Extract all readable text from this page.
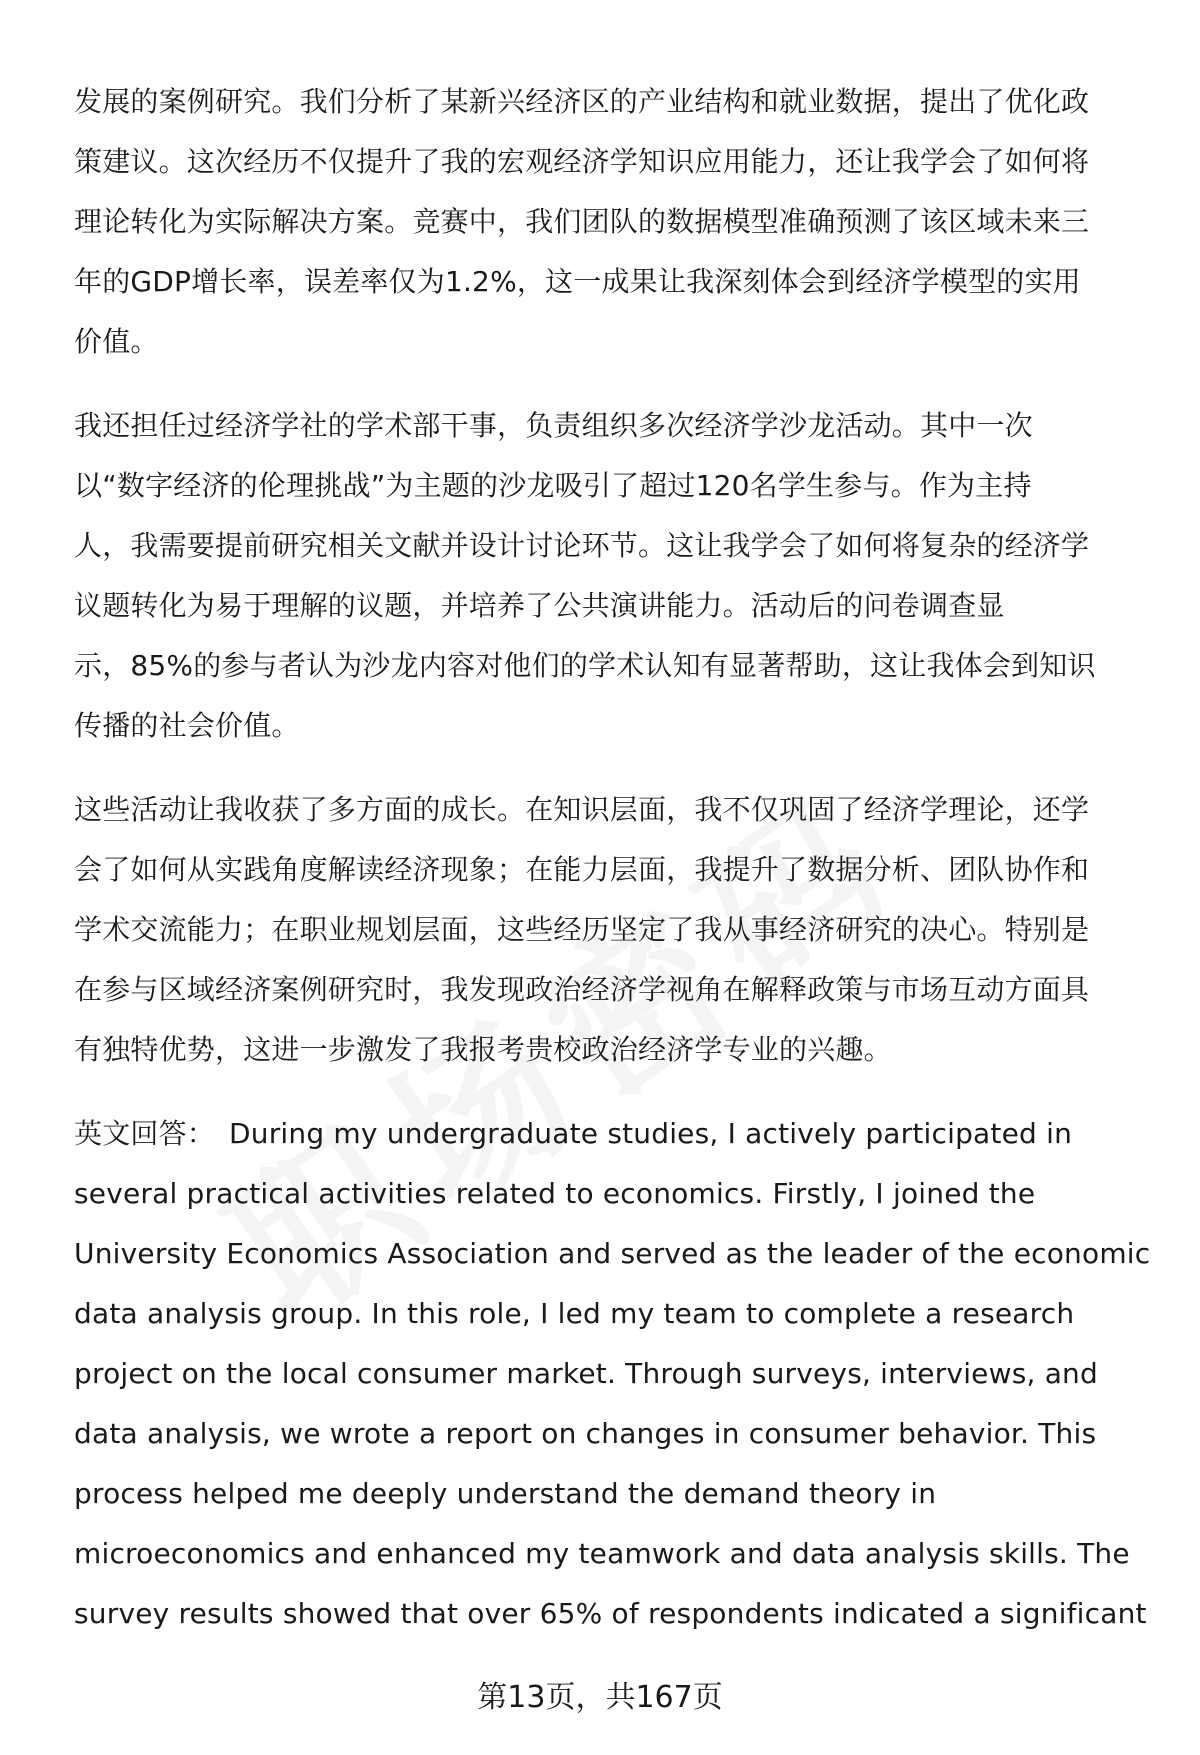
发展的案例研究。我们分析了某新兴经济区的产业结构和就业数据，提出了优化政
策建议。这次经历不仅提升了我的宏观经济学知识应用能力，还让我学会了如何将
理论转化为实际解决方案。竞赛中，我们团队的数据模型准确预测了该区域未来三
年的GDP增长率，误差率仅为1.2%，这一成果让我深刻体会到经济学模型的实用
价值。

我还担任过经济学社的学术部干事，负责组织多次经济学沙龙活动。其中一次
以“数字经济的伦理挑战”为主题的沙龙吸引了超过120名学生参与。作为主持
人，我需要提前研究相关文献并设计讨论环节。这让我学会了如何将复杂的经济学
议题转化为易于理解的议题，并培养了公共演讲能力。活动后的问卷调查显
示，85%的参与者认为沙龙内容对他们的学术认知有显著帮助，这让我体会到知识
传播的社会价值。

这些活动让我收获了多方面的成长。在知识层面，我不仅巩固了经济学理论，还学
会了如何从实践角度解读经济现象；在能力层面，我提升了数据分析、团队协作和
学术交流能力；在职业规划层面，这些经历坚定了我从事经济研究的决心。特别是
在参与区域经济案例研究时，我发现政治经济学视角在解释政策与市场互动方面具
有独特优势，这进一步激发了我报考贵校政治经济学专业的兴趣。

英文回答： During my undergraduate studies, I actively participated in
several practical activities related to economics. Firstly, I joined the
University Economics Association and served as the leader of the economic
data analysis group. In this role, I led my team to complete a research
project on the local consumer market. Through surveys, interviews, and
data analysis, we wrote a report on changes in consumer behavior. This
process helped me deeply understand the demand theory in
microeconomics and enhanced my teamwork and data analysis skills. The
survey results showed that over 65% of respondents indicated a significant

第13页，共167页
